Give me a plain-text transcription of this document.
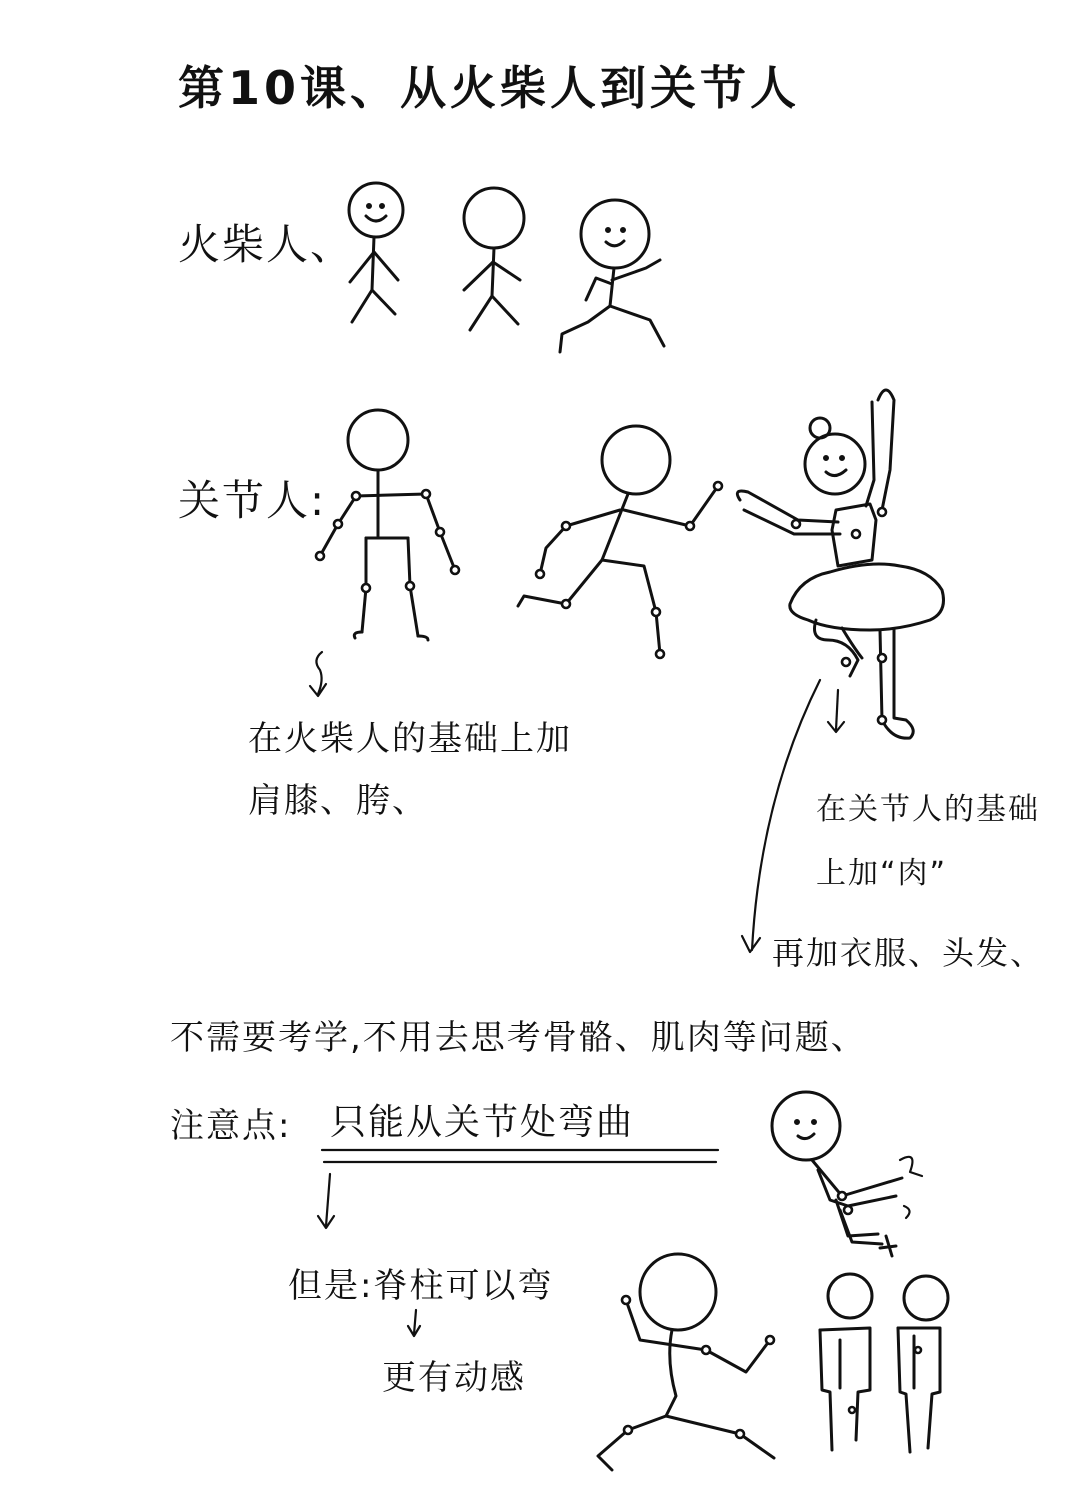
第10课、从火柴人到关节人
火柴人、
关节人:
在火柴人的基础上加
肩膝、胯、	在关节人的基础
上加“肉”
再加衣服、头发、
不需要考学,不用去思考骨骼、肌肉等问题、
注意点: 只能从关节处弯曲
但是:脊柱可以弯
更有动感
